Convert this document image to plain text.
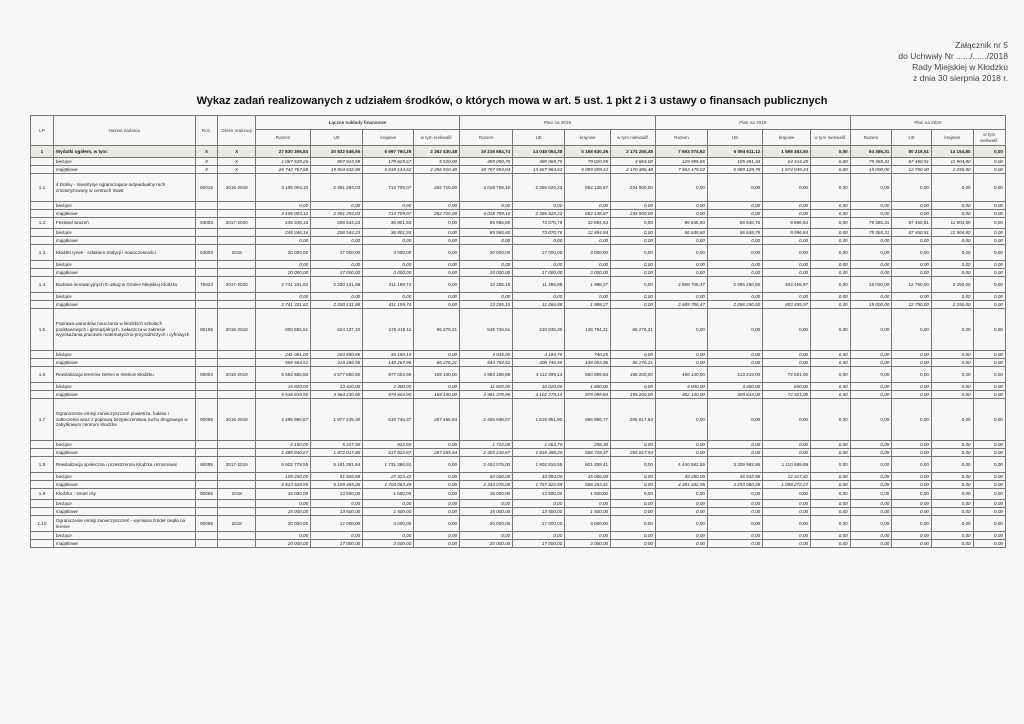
Załącznik nr 5
do Uchwały Nr ....../....../2018
Rady Miejskiej w Kłodzku
z dnia 30 sierpnia 2018 r.
Wykaz zadań realizowanych z udziałem środków, o których mowa w art. 5 ust. 1 pkt 2 i 3 ustawy o finansach publicznych
LP	Nazwa zadania	Roz.	Okres realizacji	Łączne nakłady finansowe				Plan na 2018				Plan na 2019				Plan na 2020			
				Razem	UE	krajowe	w tym niekwalif.	Razem	UE	krajowe	w tym niekwalif.	Razem	UE	krajowe	w tym niekwalif.	Razem	UE	krajowe	w tym niekwalif.
1	Wydatki ogółem, w tym:	X	X	27 830 306,84	20 832 546,55	6 997 760,29	2 262 430,48	19 216 684,74	14 048 054,38	5 168 630,36	2 174 250,48	7 693 074,62	6 094 611,12	1 598 463,50	0,00	94 365,31	80 219,51	14 154,80	0,00
	bieżące	X	X	1 087 539,26	907 913,59	179 625,67	5 520,00	459 090,70	380 069,75	79 020,95	3 864,00	129 995,65	105 481,34	24 414,25	0,00	79 365,31	67 460,51	11 904,80	0,00
	majątkowe	X	X	26 742 767,58	19 924 632,96	6 818 134,62	2 256 910,48	18 757 594,04	13 667 984,63	5 089 609,41	2 170 386,48	7 563 179,02	5 989 129,78	1 574 049,24	0,00	15 000,00	12 750,00	2 250,00	0,00
1.1	4 Doliny - inwestycje ograniczające indywidualny ruch zmotoryzowany w centrach miast	60016	2016-2018	3 105 003,10	2 391 294,03	713 709,07	282 716,00	3 018 759,10	2 366 620,23	652 138,87	234 500,00	0,00	0,00	0,00	0,00	0,00	0,00	0,00	0,00
	bieżące			0,00	0,00	0,00	0,00	0,00	0,00	0,00	0,00	0,00	0,00	0,00	0,00	0,00	0,00	0,00	0,00
	majątkowe			3 105 003,10	2 391 294,03	713 709,07	282 716,00	3 018 759,10	2 366 620,23	652 138,87	234 500,00	0,00	0,00	0,00	0,00	0,00	0,00	0,00	0,00
1.2	Festiwal wrażeń	63003	2017-2020	245 346,16	208 544,23	36 801,93	0,00	85 965,60	73 070,76	12 894,84	0,00	66 645,60	56 648,76	9 996,84	0,00	79 365,31	67 460,51	11 904,80	0,00
	bieżące			245 346,16	208 544,23	36 801,93	0,00	85 965,60	73 070,76	12 894,84	0,00	66 645,60	56 648,76	9 996,84	0,00	79 365,31	67 460,51	11 904,80	0,00
	majątkowe			0,00	0,00	0,00	0,00	0,00	0,00	0,00	0,00	0,00	0,00	0,00	0,00	0,00	0,00	0,00	0,00
1.3	Kłodzki rynek - szlakiem tradycji i nowoczesności	63003	2018	20 000,00	17 000,00	3 000,00	0,00	20 000,00	17 000,00	3 000,00	0,00	0,00	0,00	0,00	0,00	0,00	0,00	0,00	0,00
	bieżące			0,00	0,00	0,00	0,00	0,00	0,00	0,00	0,00	0,00	0,00	0,00	0,00	0,00	0,00	0,00	0,00
	majątkowe			20 000,00	17 000,00	3 000,00	0,00	20 000,00	17 000,00	3 000,00	0,00	0,00	0,00	0,00	0,00	0,00	0,00	0,00	0,00
1.4	Budowa innowacyjnych E-usług w Gminie Miejskiej Kłodzko	75023	2017-2020	2 741 331,62	2 330 131,88	411 199,74	0,00	13 255,15	11 266,88	1 988,27	0,00	2 689 706,47	2 286 250,50	403 455,97	0,00	15 000,00	12 750,00	2 250,00	0,00
	bieżące			0,00	0,00	0,00	0,00	0,00	0,00	0,00	0,00	0,00	0,00	0,00	0,00	0,00	0,00	0,00	0,00
	majątkowe			2 741 331,62	2 330 131,88	411 199,74	0,00	13 255,15	11 266,88	1 988,27	0,00	2 689 706,47	2 286 250,50	403 455,97	0,00	15 000,00	12 750,00	2 250,00	0,00
1.5	Poprawa warunków nauczania w kłodzkich szkołach podstawowych i gimnazjalnych, zwłaszcza w zakresie wyposażania pracowni matematyczno-przyrodniczych i cyfrowych	80195	2016-2018	800 555,51	624 137,40	176 418,11	66 276,21	549 729,51	410 935,30	138 794,21	66 276,21	0,00	0,00	0,00	0,00	0,00	0,00	0,00	0,00
	bieżące			241 001,00	204 850,85	36 150,15	0,00	4 935,00	4 194,75	740,25	0,00	0,00	0,00	0,00	0,00	0,00	0,00	0,00	0,00
	majątkowe			559 554,51	419 286,55	140 267,96	66 276,21	544 794,51	406 740,55	138 053,96	66 276,21	0,00	0,00	0,00	0,00	0,00	0,00	0,00	0,00
1.6	Rewitalizacja terenów zieleni w mieście Kłodzku	90004	2016-2019	5 554 655,50	4 577 650,50	977 004,90	169 100,00	4 993 198,98	4 112 299,14	880 899,84	155 200,00	486 140,00	413 219,00	72 921,00	0,00	0,00	0,00	0,00	0,00
	bieżące			15 820,00	13 420,00	2 400,00	0,00	11 820,00	10 020,00	1 800,00	0,00	4 000,00	3 400,00	600,00	0,00	0,00	0,00	0,00	0,00
	majątkowe			5 538 835,50	4 564 230,60	974 604,90	169 100,00	4 981 378,98	4 102 279,14	879 099,84	155 200,00	482 140,00	409 819,00	72 321,00	0,00	0,00	0,00	0,00	0,00
1.7	Ograniczenie emisji zanieczyszczeń powietrza, hałasu i zatłoczenia wraz z poprawą bezpieczeństwa ruchu drogowego w zabytkowym centrum Kłodzka	90095	2016-2018	2 495 990,67	1 877 245,30	618 745,37	287 465,94	2 406 938,67	1 819 951,90	586 986,77	265 817,94	0,00	0,00	0,00	0,00	0,00	0,00	0,00	0,00
	bieżące			6 150,00	5 227,50	922,50	0,00	1 722,00	1 463,70	258,30	0,00	0,00	0,00	0,00	0,00	0,00	0,00	0,00	0,00
	majątkowe			2 489 840,67	1 872 017,80	617 822,87	287 465,94	2 405 216,67	1 818 488,20	586 728,47	265 817,94	0,00	0,00	0,00	0,00	0,00	0,00	0,00	0,00
1.8	Rewitalizacja społeczna i przestrzenna Kłodzka i Krosnowic	90095	2017-2019	6 922 778,55	5 181 391,64	1 731 386,91	0,00	2 404 076,00	1 802 816,55	601 259,41	0,00	4 440 582,55	3 329 992,86	1 110 589,69	0,00	0,00	0,00	0,00	0,00
	bieżące			109 250,00	81 926,58	27 323,42	0,00	60 000,00	44 994,00	15 006,00	0,00	49 250,00	36 932,58	12 317,42	0,00	0,00	0,00	0,00	0,00
	majątkowe			6 813 528,55	5 109 465,06	1 704 063,49	0,00	2 344 076,00	1 757 822,59	586 253,41	0,00	4 391 332,55	3 293 060,28	1 098 272,27	0,00	0,00	0,00	0,00	0,00
1.9	Kłodzko - smart city	90095	2018	15 000,00	13 500,00	1 500,00	0,00	15 000,00	13 500,00	1 500,00	0,00	0,00	0,00	0,00	0,00	0,00	0,00	0,00	0,00
	bieżące			0,00	0,00	0,00	0,00	0,00	0,00	0,00	0,00	0,00	0,00	0,00	0,00	0,00	0,00	0,00	0,00
	majątkowe			15 000,00	13 500,00	1 500,00	0,00	15 000,00	13 500,00	1 500,00	0,00	0,00	0,00	0,00	0,00	0,00	0,00	0,00	0,00
1.10	Ograniczenie emisji zanieczyszczeń - wymiana źródeł ciepła na terenie	90095	2018	20 000,00	17 000,00	3 000,00	0,00	20 000,00	17 000,00	3 000,00	0,00	0,00	0,00	0,00	0,00	0,00	0,00	0,00	0,00
	bieżące			0,00	0,00	0,00	0,00	0,00	0,00	0,00	0,00	0,00	0,00	0,00	0,00	0,00	0,00	0,00	0,00
	majątkowe			20 000,00	17 000,00	3 000,00	0,00	20 000,00	17 000,00	3 000,00	0,00	0,00	0,00	0,00	0,00	0,00	0,00	0,00	0,00
